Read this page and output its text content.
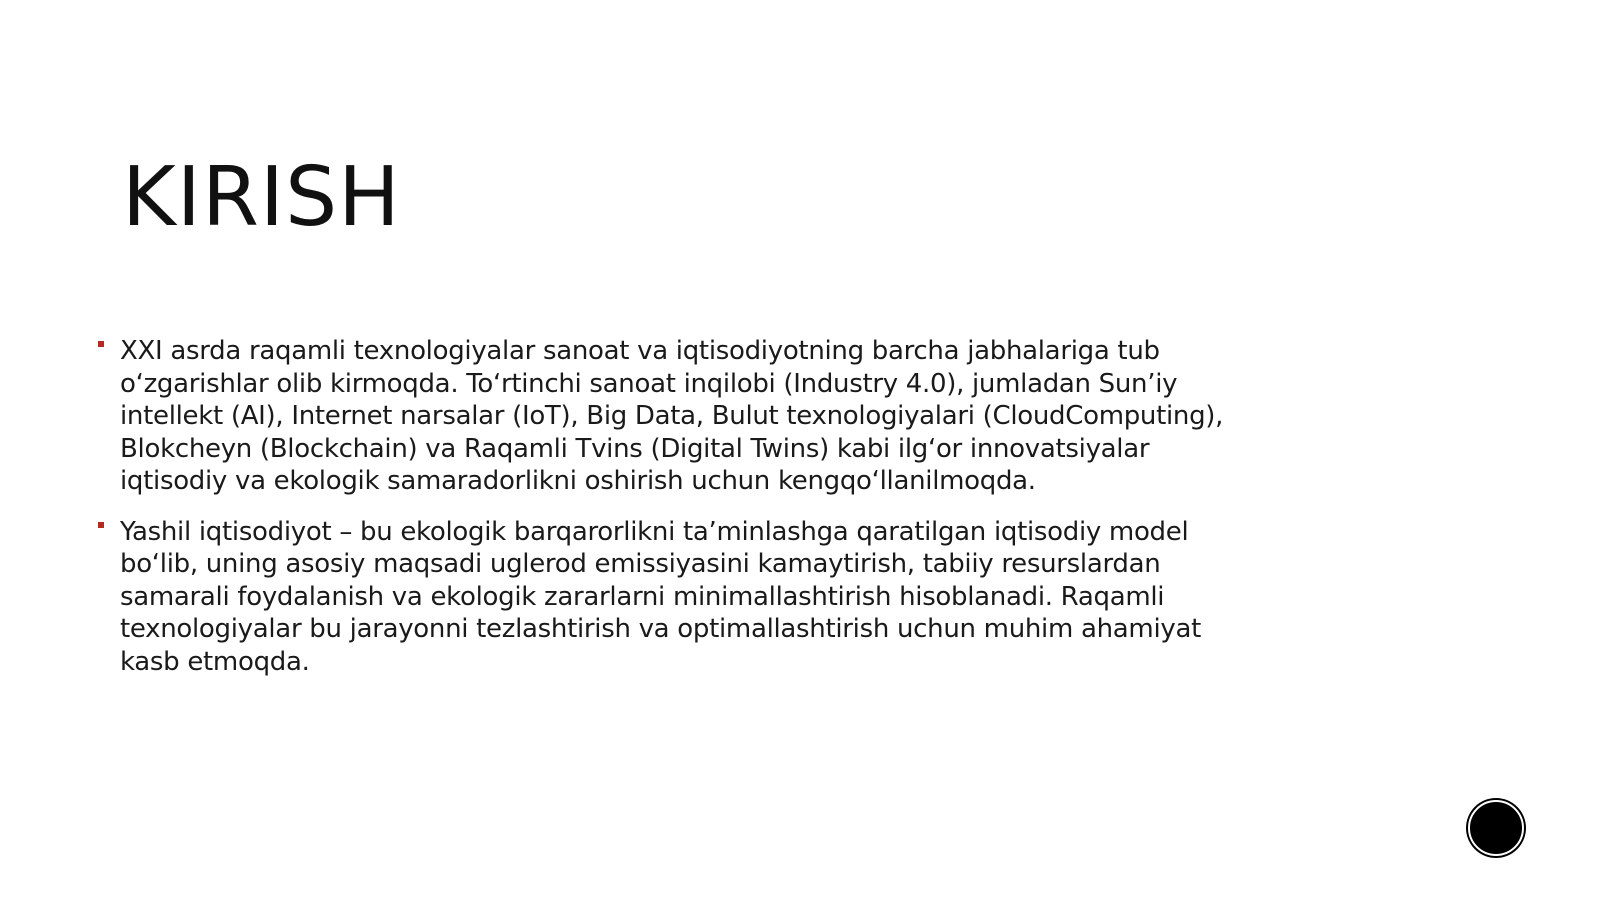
KIRISH
XXI asrda raqamli texnologiyalar sanoat va iqtisodiyotning barcha jabhalariga tub o‘zgarishlar olib kirmoqda. To‘rtinchi sanoat inqilobi (Industry 4.0), jumladan Sun’iy intellekt (AI), Internet narsalar (IoT), Big Data, Bulut texnologiyalari (CloudComputing), Blokcheyn (Blockchain) va Raqamli Tvins (Digital Twins) kabi ilg‘or innovatsiyalar iqtisodiy va ekologik samaradorlikni oshirish uchun kengqo‘llanilmoqda.
Yashil iqtisodiyot – bu ekologik barqarorlikni ta’minlashga qaratilgan iqtisodiy model bo‘lib, uning asosiy maqsadi uglerod emissiyasini kamaytirish, tabiiy resurslardan samarali foydalanish va ekologik zararlarni minimallashtirish hisoblanadi. Raqamli texnologiyalar bu jarayonni tezlashtirish va optimallashtirish uchun muhim ahamiyat kasb etmoqda.
